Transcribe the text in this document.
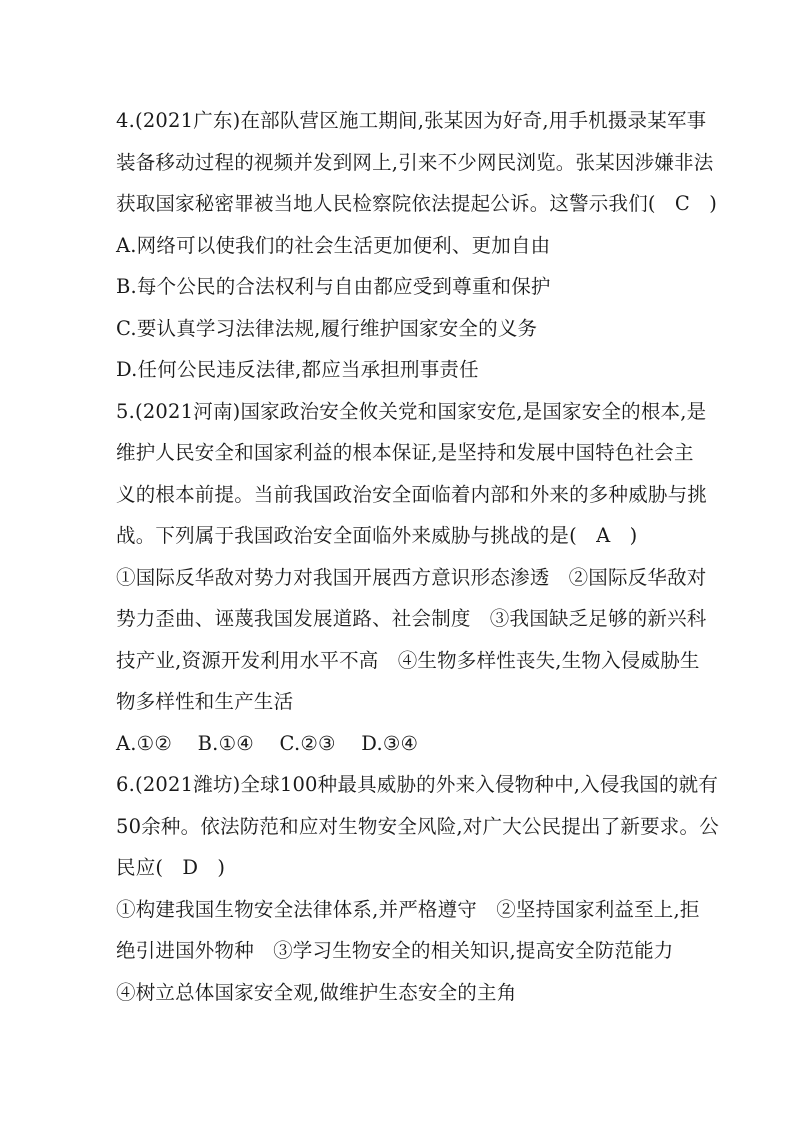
4.(2021广东)在部队营区施工期间,张某因为好奇,用手机摄录某军事
装备移动过程的视频并发到网上,引来不少网民浏览。张某因涉嫌非法
获取国家秘密罪被当地人民检察院依法提起公诉。这警示我们(   C   )
A.网络可以使我们的社会生活更加便利、更加自由
B.每个公民的合法权利与自由都应受到尊重和保护
C.要认真学习法律法规,履行维护国家安全的义务
D.任何公民违反法律,都应当承担刑事责任
5.(2021河南)国家政治安全攸关党和国家安危,是国家安全的根本,是
维护人民安全和国家利益的根本保证,是坚持和发展中国特色社会主
义的根本前提。当前我国政治安全面临着内部和外来的多种威胁与挑
战。下列属于我国政治安全面临外来威胁与挑战的是(   A   )
①国际反华敌对势力对我国开展西方意识形态渗透   ②国际反华敌对
势力歪曲、诬蔑我国发展道路、社会制度   ③我国缺乏足够的新兴科
技产业,资源开发利用水平不高   ④生物多样性丧失,生物入侵威胁生
物多样性和生产生活
A.①②    B.①④    C.②③    D.③④
6.(2021潍坊)全球100种最具威胁的外来入侵物种中,入侵我国的就有
50余种。依法防范和应对生物安全风险,对广大公民提出了新要求。公
民应(   D   )
①构建我国生物安全法律体系,并严格遵守   ②坚持国家利益至上,拒
绝引进国外物种   ③学习生物安全的相关知识,提高安全防范能力
④树立总体国家安全观,做维护生态安全的主角
